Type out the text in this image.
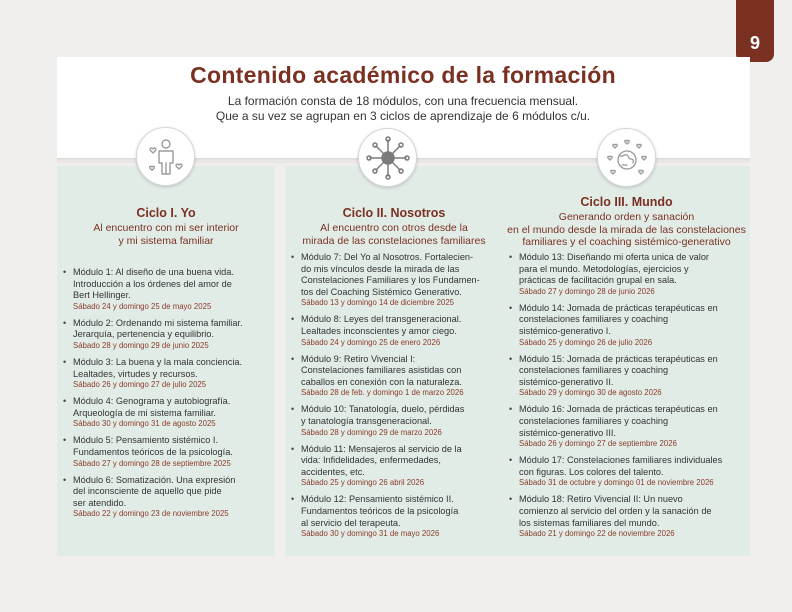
9
Contenido académico de la formación
La formación consta de 18 módulos, con una frecuencia mensual.
Que a su vez se agrupan en 3 ciclos de aprendizaje de 6 módulos c/u.
Ciclo I. Yo
Al encuentro con mi ser interior
y mi sistema familiar
• Módulo 1: Al diseño de una buena vida.
Introducción a los órdenes del amor de
Bert Hellinger.
Sábado 24 y domingo 25 de mayo 2025
• Módulo 2: Ordenando mi sistema familiar.
Jerarquía, pertenencia y equilibrio.
Sábado 28 y domingo 29 de junio 2025
• Módulo 3: La buena y la mala conciencia.
Lealtades, virtudes y recursos.
Sábado 26 y domingo 27 de julio 2025
• Módulo 4: Genograma y autobiografía.
Arqueología de mi sistema familiar.
Sábado 30 y domingo 31 de agosto 2025
• Módulo 5: Pensamiento sistémico I.
Fundamentos teóricos de la psicología.
Sábado 27 y domingo 28 de septiembre 2025
• Módulo 6: Somatización. Una expresión
del inconsciente de aquello que pide
ser atendido.
Sábado 22 y domingo 23 de noviembre 2025
Ciclo II. Nosotros
Al encuentro con otros desde la
mirada de las constelaciones familiares
• Módulo 7: Del Yo al Nosotros. Fortalecien-
do mis vínculos desde la mirada de las
Constelaciones Familiares y los Fundamen-
tos del Coaching Sistémico Generativo.
Sábado 13 y domingo 14 de diciembre 2025
• Módulo 8: Leyes del transgeneracional.
Lealtades inconscientes y amor ciego.
Sábado 24 y domingo 25 de enero 2026
• Módulo 9: Retiro Vivencial I:
Constelaciones familiares asistidas con
caballos en conexión con la naturaleza.
Sábado 28 de feb. y domingo 1 de marzo 2026
• Módulo 10: Tanatología, duelo, pérdidas
y tanatología transgeneracional.
Sábado 28 y domingo 29 de marzo 2026
• Módulo 11: Mensajeros al servicio de la
vida: Infidelidades, enfermedades,
accidentes, etc.
Sábado 25 y domingo 26 abril 2026
• Módulo 12: Pensamiento sistémico II.
Fundamentos teóricos de la psicología
al servicio del terapeuta.
Sábado 30 y domingo 31 de mayo 2026
Ciclo III. Mundo
Generando orden y sanación
en el mundo desde la mirada de las constelaciones
familiares y el coaching sistémico-generativo
• Módulo 13: Diseñando mi oferta unica de valor
para el mundo. Metodologías, ejercicios y
prácticas de facilitación grupal en sala.
Sábado 27 y domingo 28 de junio 2026
• Módulo 14: Jornada de prácticas terapéuticas en
constelaciones familiares y coaching
sistémico-generativo I.
Sábado 25 y domingo 26 de julio 2026
• Módulo 15: Jornada de prácticas terapéuticas en
constelaciones familiares y coaching
sistémico-generativo II.
Sábado 29 y domingo 30 de agosto 2026
• Módulo 16: Jornada de prácticas terapéuticas en
constelaciones familiares y coaching
sistémico-generativo III.
Sábado 26 y domingo 27 de septiembre 2026
• Módulo 17: Constelaciones familiares individuales
con figuras. Los colores del talento.
Sábado 31 de octubre y domingo 01 de noviembre 2026
• Módulo 18: Retiro Vivencial II: Un nuevo
comienzo al servicio del orden y la sanación de
los sistemas familiares del mundo.
Sábado 21 y domingo 22 de noviembre 2026
